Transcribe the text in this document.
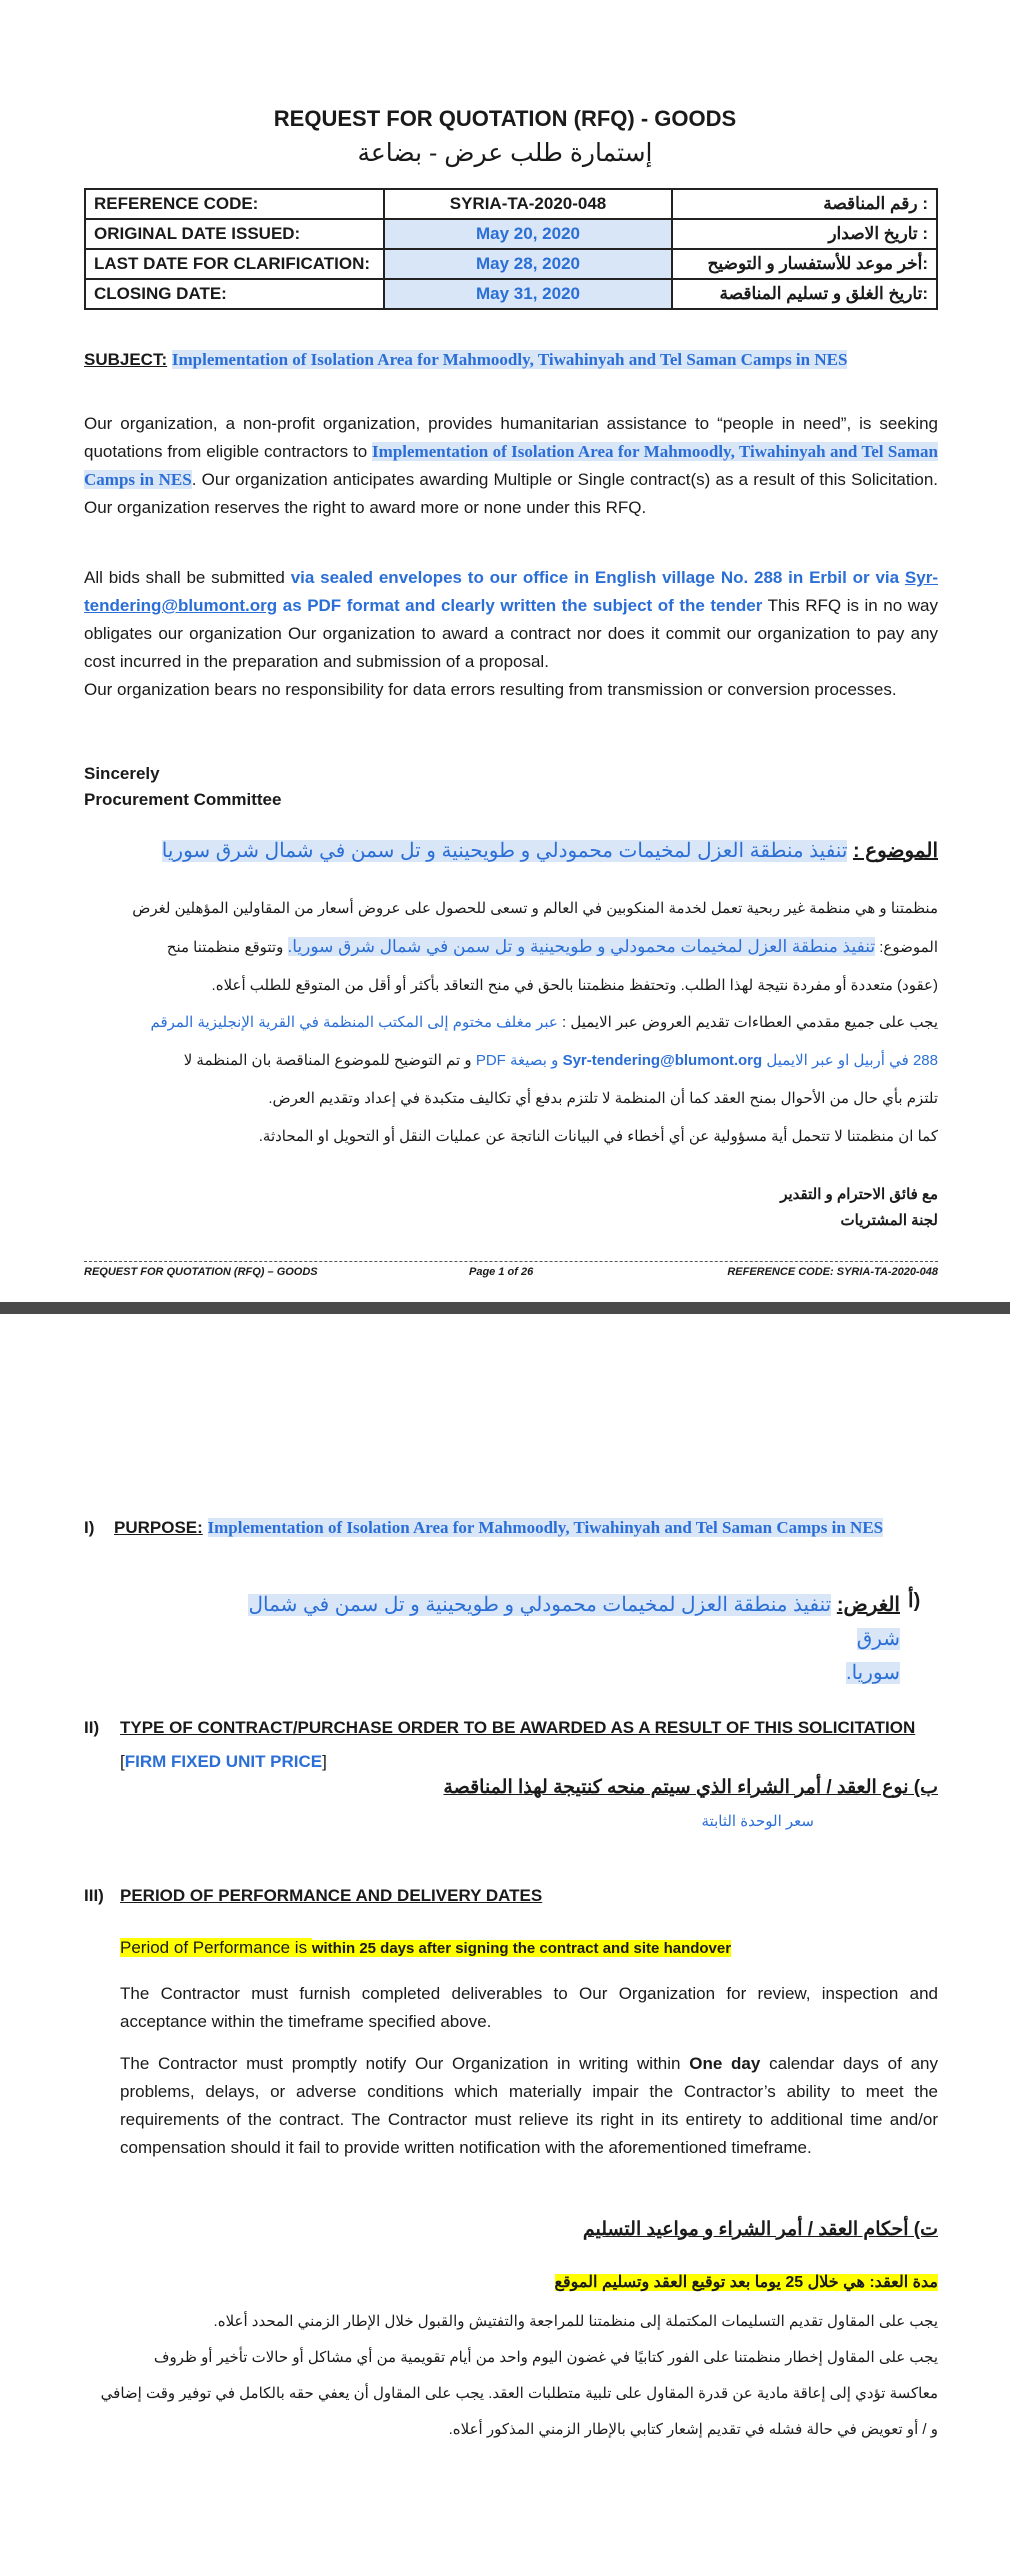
REQUEST FOR QUOTATION (RFQ) - GOODS
إستمارة طلب عرض - بضاعة
REFERENCE CODE:	SYRIA-TA-2020-048	رقم المناقصة :
ORIGINAL DATE ISSUED:	May 20, 2020	تاريخ الاصدار :
LAST DATE FOR CLARIFICATION:	May 28, 2020	أخر موعد للأستفسار و التوضيح:
CLOSING DATE:	May 31, 2020	تاريخ الغلق و تسليم المناقصة:
SUBJECT: Implementation of Isolation Area for Mahmoodly, Tiwahinyah and Tel Saman Camps in NES
Our organization, a non-profit organization, provides humanitarian assistance to “people in need”, is seeking quotations from eligible contractors to Implementation of Isolation Area for Mahmoodly, Tiwahinyah and Tel Saman Camps in NES. Our organization anticipates awarding Multiple or Single contract(s) as a result of this Solicitation. Our organization reserves the right to award more or none under this RFQ.
All bids shall be submitted via sealed envelopes to our office in English village No. 288 in Erbil or via Syr-tendering@blumont.org as PDF format and clearly written the subject of the tender This RFQ is in no way obligates our organization Our organization to award a contract nor does it commit our organization to pay any cost incurred in the preparation and submission of a proposal.
Our organization bears no responsibility for data errors resulting from transmission or conversion processes.
Sincerely
Procurement Committee
الموضوع : تنفيذ منطقة العزل لمخيمات محمودلي و طويحينية و تل سمن في شمال شرق سوريا
منظمتنا و هي منظمة غير ربحية تعمل لخدمة المنكوبين في العالم و تسعى للحصول على عروض أسعار من المقاولين المؤهلين لغرض
الموضوع: تنفيذ منطقة العزل لمخيمات محمودلي و طويحينية و تل سمن في شمال شرق سوريا. وتتوقع منظمتنا منح
(عقود) متعددة أو مفردة نتيجة لهذا الطلب. وتحتفظ منظمتنا بالحق في منح التعاقد بأكثر أو أقل من المتوقع للطلب أعلاه.
يجب على جميع مقدمي العطاءات تقديم العروض عبر الايميل : عبر مغلف مختوم إلى المكتب المنظمة في القرية الإنجليزية المرقم
288 في أربيل او عبر الايميل Syr-tendering@blumont.org و بصيغة PDF و تم التوضيح للموضوع المناقصة بان المنظمة لا
تلتزم بأي حال من الأحوال بمنح العقد كما أن المنظمة لا تلتزم بدفع أي تكاليف متكبدة في إعداد وتقديم العرض.
كما ان منظمتنا لا تتحمل أية مسؤولية عن أي أخطاء في البيانات الناتجة عن عمليات النقل أو التحويل او المحادثة.
مع فائق الاحترام و التقدير
لجنة المشتريات
REQUEST FOR QUOTATION (RFQ) – GOODS	Page 1 of 26	REFERENCE CODE: SYRIA-TA-2020-048
I) PURPOSE: Implementation of Isolation Area for Mahmoodly, Tiwahinyah and Tel Saman Camps in NES
أ)
الغرض: تنفيذ منطقة العزل لمخيمات محمودلي و طويحينية و تل سمن في شمال شرق
سوريا.
II) TYPE OF CONTRACT/PURCHASE ORDER TO BE AWARDED AS A RESULT OF THIS SOLICITATION
[FIRM FIXED UNIT PRICE]
ب) نوع العقد / أمر الشراء الذي سيتم منحه كنتيجة لهذا المناقصة
سعر الوحدة الثابتة
III) PERIOD OF PERFORMANCE AND DELIVERY DATES
Period of Performance is within 25 days after signing the contract and site handover
The Contractor must furnish completed deliverables to Our Organization for review, inspection and acceptance within the timeframe specified above.
The Contractor must promptly notify Our Organization in writing within One day calendar days of any problems, delays, or adverse conditions which materially impair the Contractor’s ability to meet the requirements of the contract. The Contractor must relieve its right in its entirety to additional time and/or compensation should it fail to provide written notification with the aforementioned timeframe.
ت) أحكام العقد / أمر الشراء و مواعيد التسليم
مدة العقد: هي خلال 25 يوما بعد توقيع العقد وتسليم الموقع
يجب على المقاول تقديم التسليمات المكتملة إلى منظمتنا للمراجعة والتفتيش والقبول خلال الإطار الزمني المحدد أعلاه.
يجب على المقاول إخطار منظمتنا على الفور كتابيًا في غضون اليوم واحد من أيام تقويمية من أي مشاكل أو حالات تأخير أو ظروف
معاكسة تؤدي إلى إعاقة مادية عن قدرة المقاول على تلبية متطلبات العقد. يجب على المقاول أن يعفي حقه بالكامل في توفير وقت إضافي
و / أو تعويض في حالة فشله في تقديم إشعار كتابي بالإطار الزمني المذكور أعلاه.
